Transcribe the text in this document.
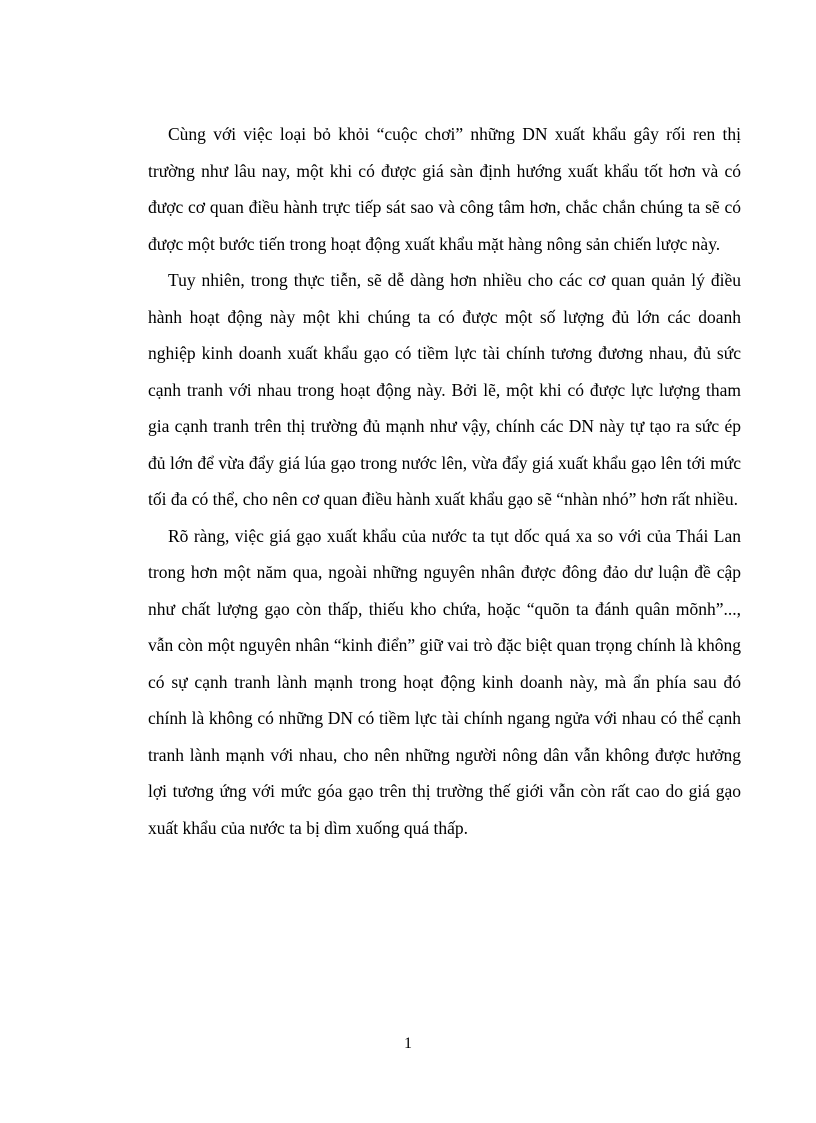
Cùng với việc loại bỏ khỏi “cuộc chơi” những DN xuất khẩu gây rối ren thị trường như lâu nay, một khi có được giá sàn định hướng xuất khẩu tốt hơn và có được cơ quan điều hành trực tiếp sát sao và công tâm hơn, chắc chắn chúng ta sẽ có được một bước tiến trong hoạt động xuất khẩu mặt hàng nông sản chiến lược này.

Tuy nhiên, trong thực tiễn, sẽ dễ dàng hơn nhiều cho các cơ quan quản lý điều hành hoạt động này một khi chúng ta có được một số lượng đủ lớn các doanh nghiệp kinh doanh xuất khẩu gạo có tiềm lực tài chính tương đương nhau, đủ sức cạnh tranh với nhau trong hoạt động này. Bởi lẽ, một khi có được lực lượng tham gia cạnh tranh trên thị trường đủ mạnh như vậy, chính các DN này tự tạo ra sức ép đủ lớn để vừa đẩy giá lúa gạo trong nước lên, vừa đẩy giá xuất khẩu gạo lên tới mức tối đa có thể, cho nên cơ quan điều hành xuất khẩu gạo sẽ “nhàn nhó” hơn rất nhiều.

Rõ ràng, việc giá gạo xuất khẩu của nước ta tụt dốc quá xa so với của Thái Lan trong hơn một năm qua, ngoài những nguyên nhân được đông đảo dư luận đề cập như chất lượng gạo còn thấp, thiếu kho chứa, hoặc “quõn ta đánh quân mõnh”..., vẫn còn một nguyên nhân “kinh điển” giữ vai trò đặc biệt quan trọng chính là không có sự cạnh tranh lành mạnh trong hoạt động kinh doanh này, mà ẩn phía sau đó chính là không có những DN có tiềm lực tài chính ngang ngửa với nhau có thể cạnh tranh lành mạnh với nhau, cho nên những người nông dân vẫn không được hưởng lợi tương ứng với mức góa gạo trên thị trường thế giới vẫn còn rất cao do giá gạo xuất khẩu của nước ta bị dìm xuống quá thấp.

1
